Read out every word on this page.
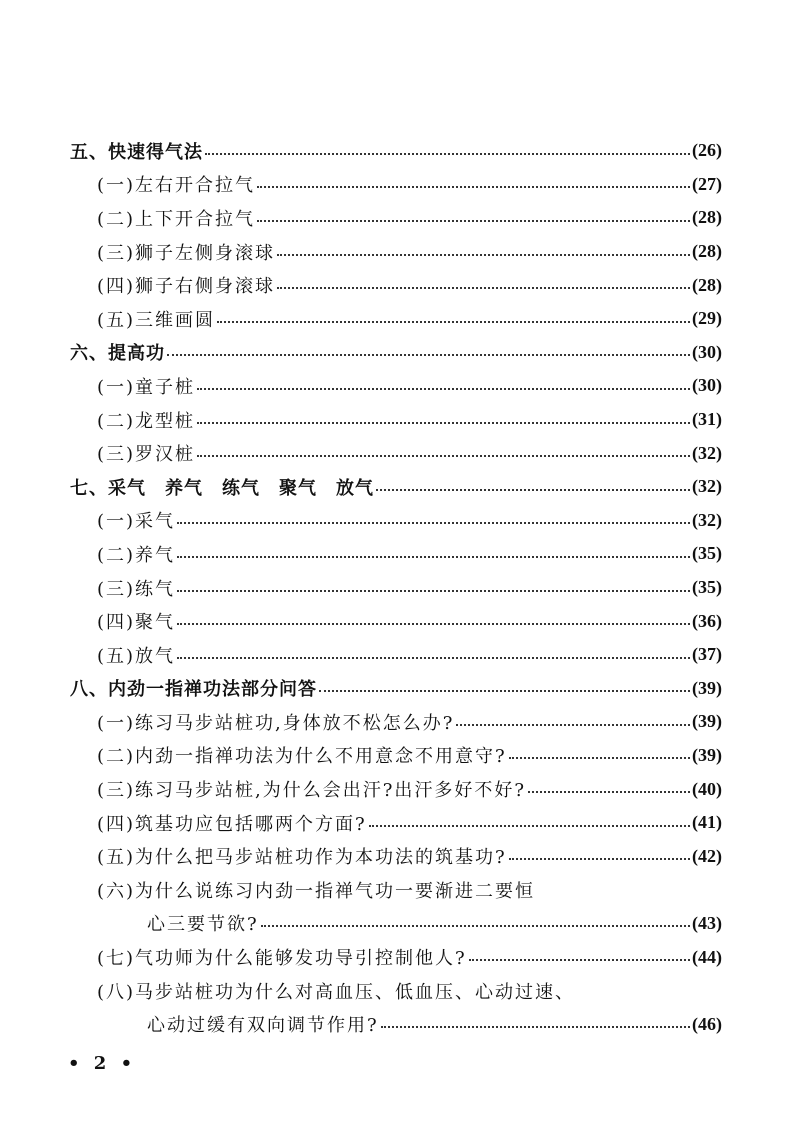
五、快速得气法	(26)
(一)左右开合拉气	(27)
(二)上下开合拉气	(28)
(三)狮子左侧身滚球	(28)
(四)狮子右侧身滚球	(28)
(五)三维画圆	(29)
六、提高功	(30)
(一)童子桩	(30)
(二)龙型桩	(31)
(三)罗汉桩	(32)
七、采气　养气　练气　聚气　放气	(32)
(一)采气	(32)
(二)养气	(35)
(三)练气	(35)
(四)聚气	(36)
(五)放气	(37)
八、内劲一指禅功法部分问答	(39)
(一)练习马步站桩功,身体放不松怎么办?	(39)
(二)内劲一指禅功法为什么不用意念不用意守?	(39)
(三)练习马步站桩,为什么会出汗?出汗多好不好?	(40)
(四)筑基功应包括哪两个方面?	(41)
(五)为什么把马步站桩功作为本功法的筑基功?	(42)
(六)为什么说练习内劲一指禅气功一要渐进二要恒
心三要节欲?	(43)
(七)气功师为什么能够发功导引控制他人?	(44)
(八)马步站桩功为什么对高血压、低血压、心动过速、
心动过缓有双向调节作用?	(46)
• 2 •
